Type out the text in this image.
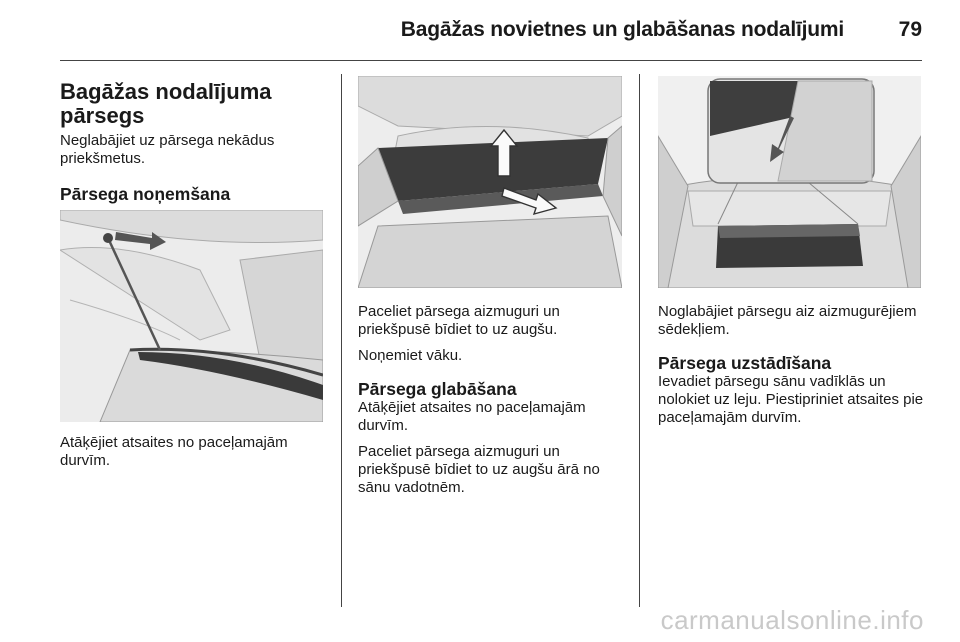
Bagāžas novietnes un glabāšanas nodalījumi	79
Bagāžas nodalījuma pārsegs

Neglabājiet uz pārsega nekādus priekšmetus.

Pārsega noņemšana

Atāķējiet atsaites no paceļamajām durvīm.

Paceliet pārsega aizmuguri un priekšpusē bīdiet to uz augšu.

Noņemiet vāku.

Pārsega glabāšana

Atāķējiet atsaites no paceļamajām durvīm.

Paceliet pārsega aizmuguri un priekšpusē bīdiet to uz augšu ārā no sānu vadotnēm.

Noglabājiet pārsegu aiz aizmugurējiem sēdekļiem.

Pārsega uzstādīšana

Ievadiet pārsegu sānu vadīklās un nolokiet uz leju. Piestipriniet atsaites pie paceļamajām durvīm.

carmanualsonline.info
